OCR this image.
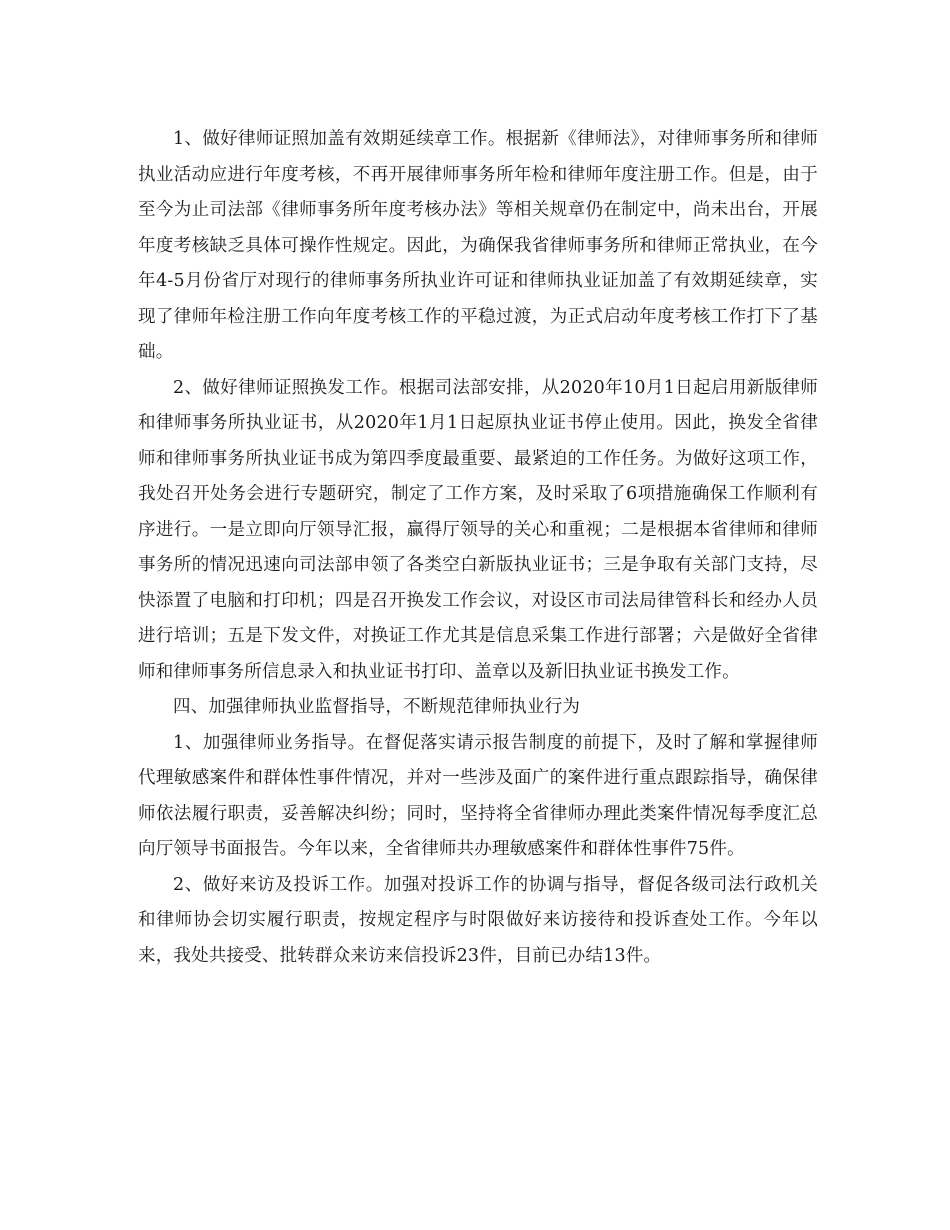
1、做好律师证照加盖有效期延续章工作。根据新《律师法》，对律师事务所和律师执业活动应进行年度考核，不再开展律师事务所年检和律师年度注册工作。但是，由于至今为止司法部《律师事务所年度考核办法》等相关规章仍在制定中，尚未出台，开展年度考核缺乏具体可操作性规定。因此，为确保我省律师事务所和律师正常执业，在今年4-5月份省厅对现行的律师事务所执业许可证和律师执业证加盖了有效期延续章，实现了律师年检注册工作向年度考核工作的平稳过渡，为正式启动年度考核工作打下了基础。

2、做好律师证照换发工作。根据司法部安排，从2020年10月1日起启用新版律师和律师事务所执业证书，从2020年1月1日起原执业证书停止使用。因此，换发全省律师和律师事务所执业证书成为第四季度最重要、最紧迫的工作任务。为做好这项工作，我处召开处务会进行专题研究，制定了工作方案，及时采取了6项措施确保工作顺利有序进行。一是立即向厅领导汇报，赢得厅领导的关心和重视；二是根据本省律师和律师事务所的情况迅速向司法部申领了各类空白新版执业证书；三是争取有关部门支持，尽快添置了电脑和打印机；四是召开换发工作会议，对设区市司法局律管科长和经办人员进行培训；五是下发文件，对换证工作尤其是信息采集工作进行部署；六是做好全省律师和律师事务所信息录入和执业证书打印、盖章以及新旧执业证书换发工作。

四、加强律师执业监督指导，不断规范律师执业行为

1、加强律师业务指导。在督促落实请示报告制度的前提下，及时了解和掌握律师代理敏感案件和群体性事件情况，并对一些涉及面广的案件进行重点跟踪指导，确保律师依法履行职责，妥善解决纠纷；同时，坚持将全省律师办理此类案件情况每季度汇总向厅领导书面报告。今年以来，全省律师共办理敏感案件和群体性事件75件。

2、做好来访及投诉工作。加强对投诉工作的协调与指导，督促各级司法行政机关和律师协会切实履行职责，按规定程序与时限做好来访接待和投诉查处工作。今年以来，我处共接受、批转群众来访来信投诉23件，目前已办结13件。
